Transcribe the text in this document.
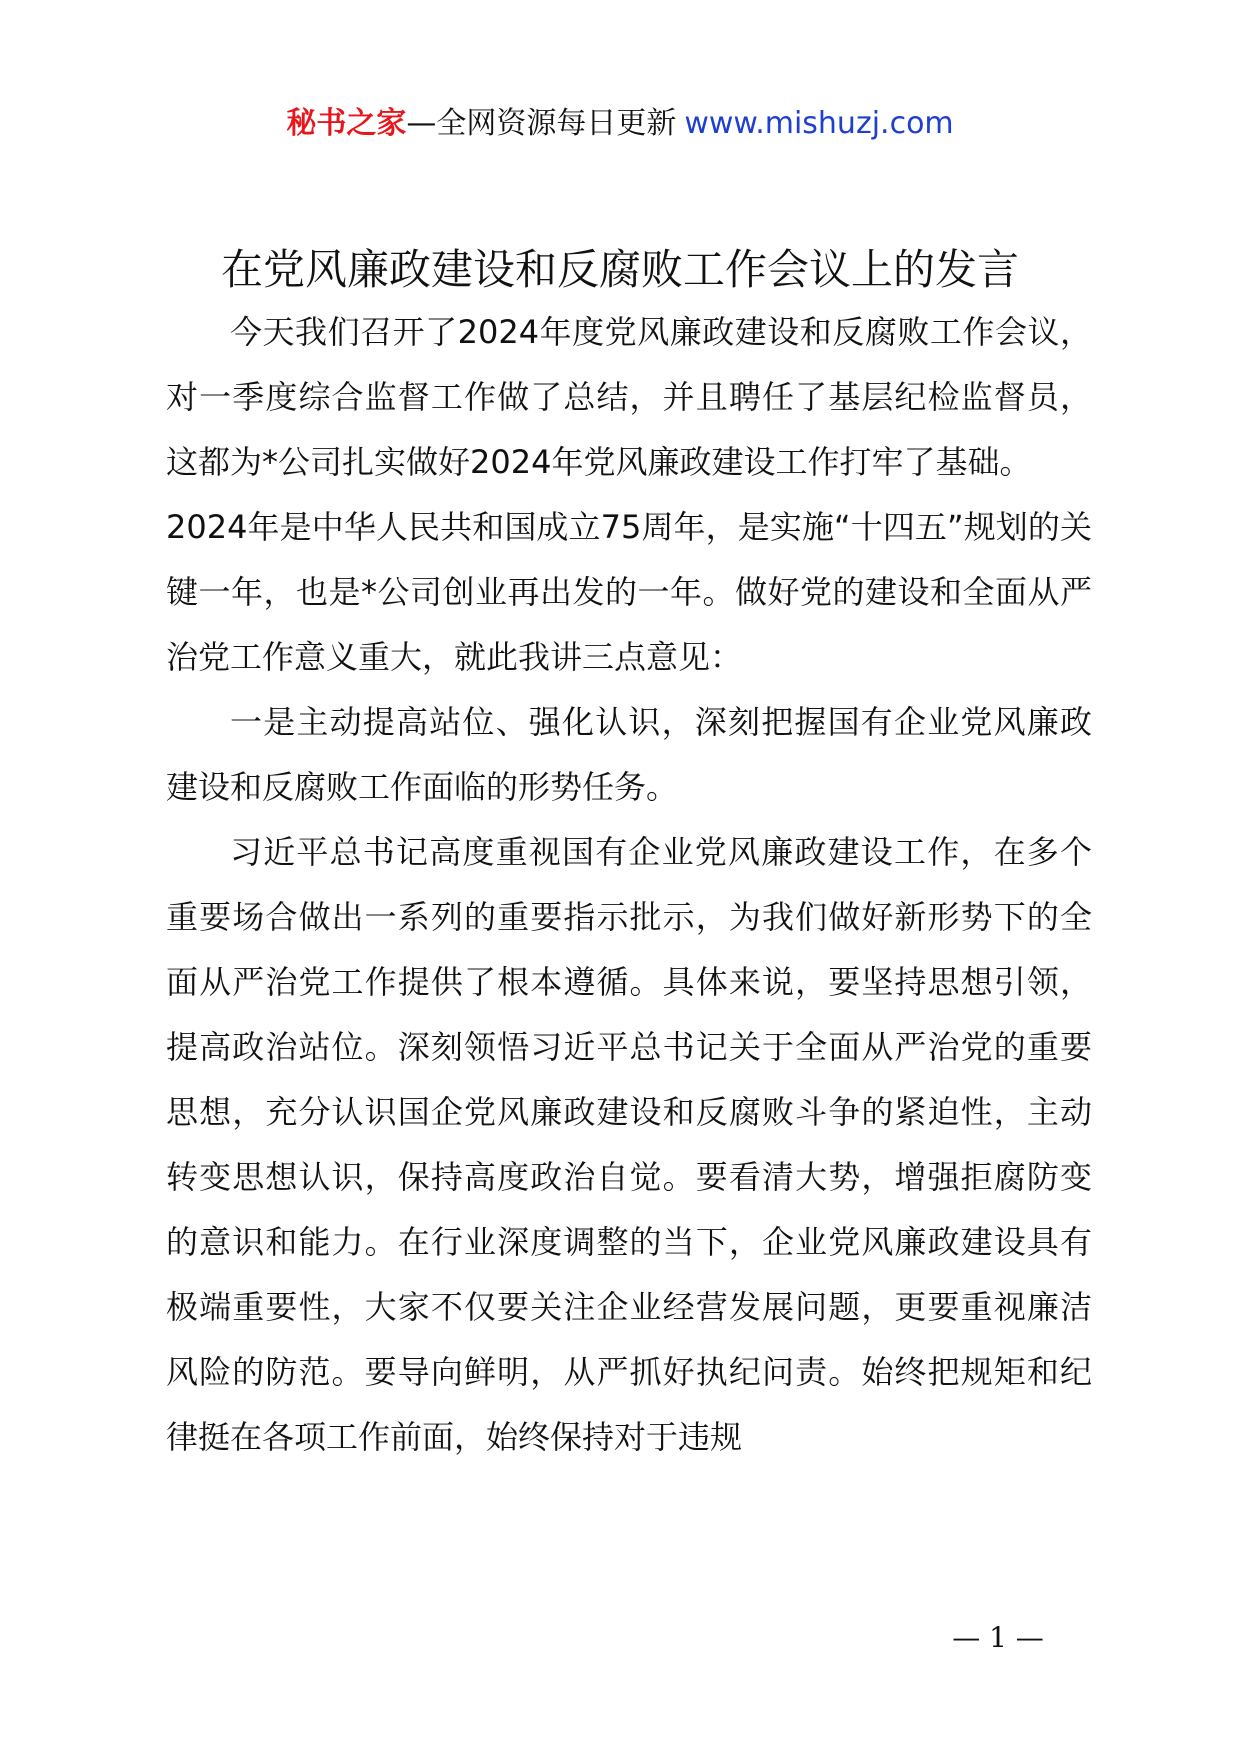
秘书之家—全网资源每日更新 www.mishuzj.com
在党风廉政建设和反腐败工作会议上的发言

今天我们召开了2024年度党风廉政建设和反腐败工作会议，对一季度综合监督工作做了总结，并且聘任了基层纪检监督员，这都为*公司扎实做好2024年党风廉政建设工作打牢了基础。

2024年是中华人民共和国成立75周年，是实施“十四五”规划的关键一年，也是*公司创业再出发的一年。做好党的建设和全面从严治党工作意义重大，就此我讲三点意见：

一是主动提高站位、强化认识，深刻把握国有企业党风廉政建设和反腐败工作面临的形势任务。

习近平总书记高度重视国有企业党风廉政建设工作，在多个重要场合做出一系列的重要指示批示，为我们做好新形势下的全面从严治党工作提供了根本遵循。具体来说，要坚持思想引领，提高政治站位。深刻领悟习近平总书记关于全面从严治党的重要思想，充分认识国企党风廉政建设和反腐败斗争的紧迫性，主动转变思想认识，保持高度政治自觉。要看清大势，增强拒腐防变的意识和能力。在行业深度调整的当下，企业党风廉政建设具有极端重要性，大家不仅要关注企业经营发展问题，更要重视廉洁风险的防范。要导向鲜明，从严抓好执纪问责。始终把规矩和纪律挺在各项工作前面，始终保持对于违规

— 1 —
